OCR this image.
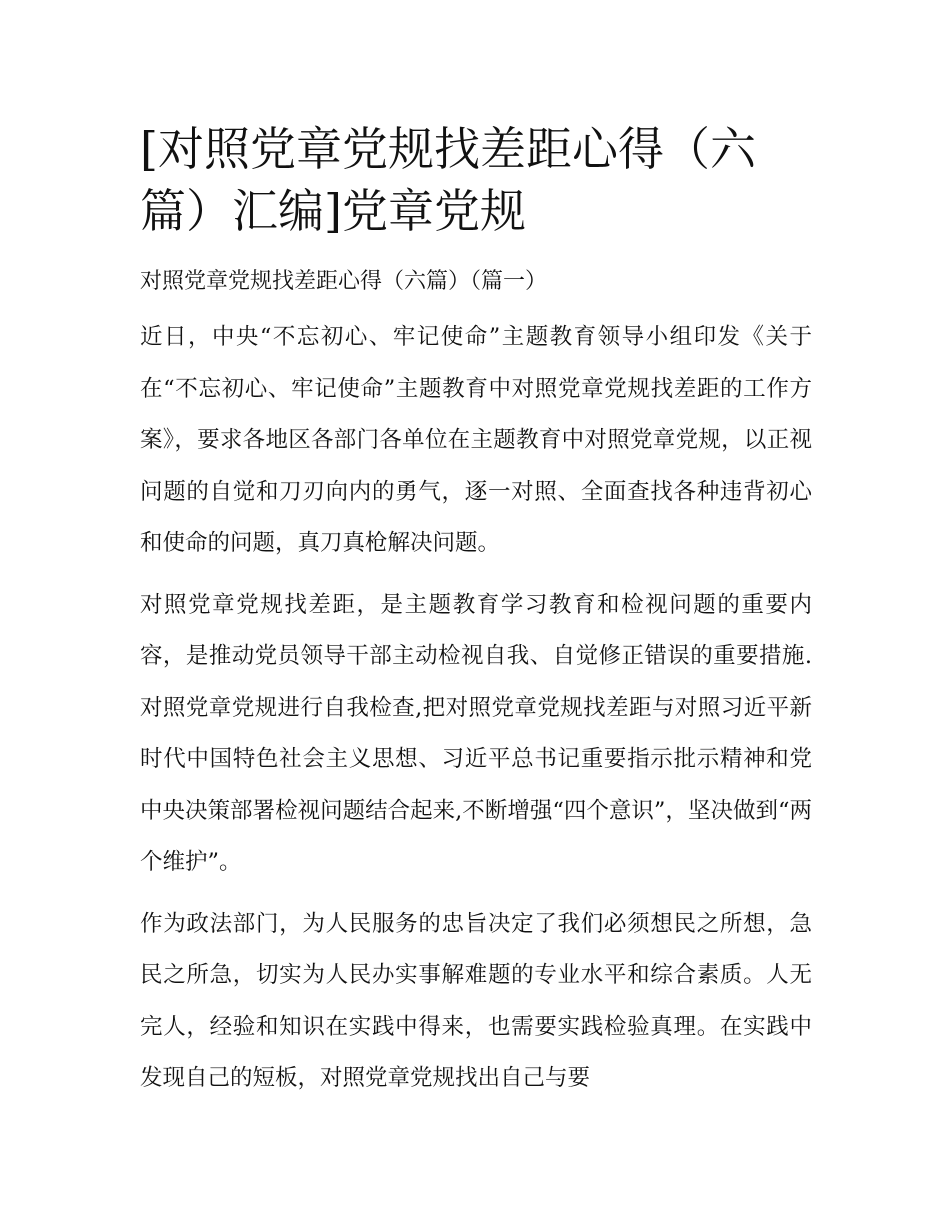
[对照党章党规找差距心得（六篇）汇编]党章党规
对照党章党规找差距心得（六篇）（篇一）

近日，中央“不忘初心、牢记使命”主题教育领导小组印发《关于在“不忘初心、牢记使命”主题教育中对照党章党规找差距的工作方案》，要求各地区各部门各单位在主题教育中对照党章党规，以正视问题的自觉和刀刃向内的勇气，逐一对照、全面查找各种违背初心和使命的问题，真刀真枪解决问题。

对照党章党规找差距，是主题教育学习教育和检视问题的重要内容，是推动党员领导干部主动检视自我、自觉修正错误的重要措施.对照党章党规进行自我检查,把对照党章党规找差距与对照习近平新时代中国特色社会主义思想、习近平总书记重要指示批示精神和党中央决策部署检视问题结合起来,不断增强“四个意识”，坚决做到“两个维护”。

作为政法部门，为人民服务的忠旨决定了我们必须想民之所想，急民之所急，切实为人民办实事解难题的专业水平和综合素质。人无完人，经验和知识在实践中得来，也需要实践检验真理。在实践中发现自己的短板，对照党章党规找出自己与要
